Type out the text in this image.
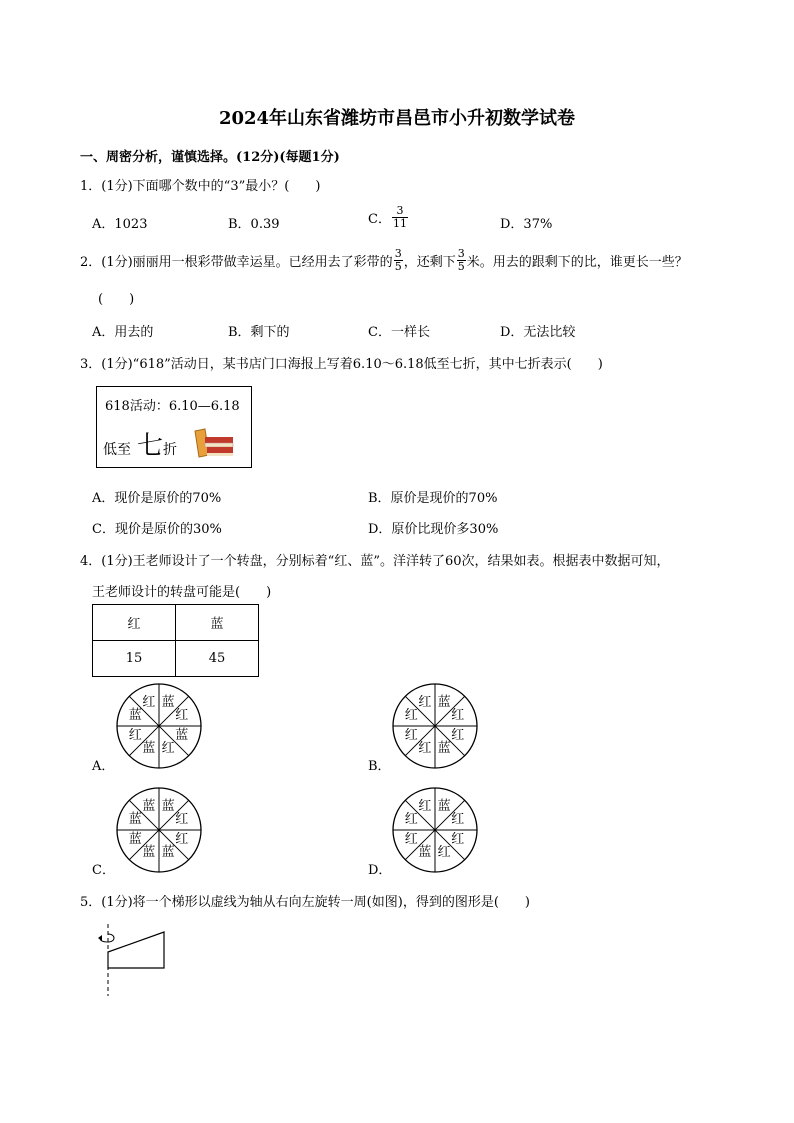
2024年山东省潍坊市昌邑市小升初数学试卷
一、周密分析，谨慎选择。(12分)(每题1分)
1．(1分)下面哪个数中的“3”最小？(　　)
A．1023	B．0.39	C． $\frac{3}{11}$	D．37%
2．(1分)丽丽用一根彩带做幸运星。已经用去了彩带的 $\frac{3}{5}$ ，还剩下 $\frac{3}{5}$ 米。用去的跟剩下的比，谁更长一些？
(　　)
A．用去的	B．剩下的	C．一样长	D．无法比较
3．(1分)“618”活动日，某书店门口海报上写着6.10～6.18低至七折，其中七折表示(　　)
618活动：6.10—6.18
低至 七 折
A．现价是原价的70%	B．原价是现价的70%
C．现价是原价的30%	D．原价比现价多30%
4．(1分)王老师设计了一个转盘，分别标着“红、蓝”。洋洋转了60次，结果如表。根据表中数据可知，
王老师设计的转盘可能是(　　)
红	蓝
15	45
A．	B．
C．	D．
蓝
红
蓝
红
蓝
红
蓝
红	蓝
红
红
蓝
红
红
红
红
蓝
红
红
蓝
蓝
蓝
蓝
蓝	蓝
红
红
红
蓝
红
红
红
5．(1分)将一个梯形以虚线为轴从右向左旋转一周(如图)，得到的图形是(　　)
